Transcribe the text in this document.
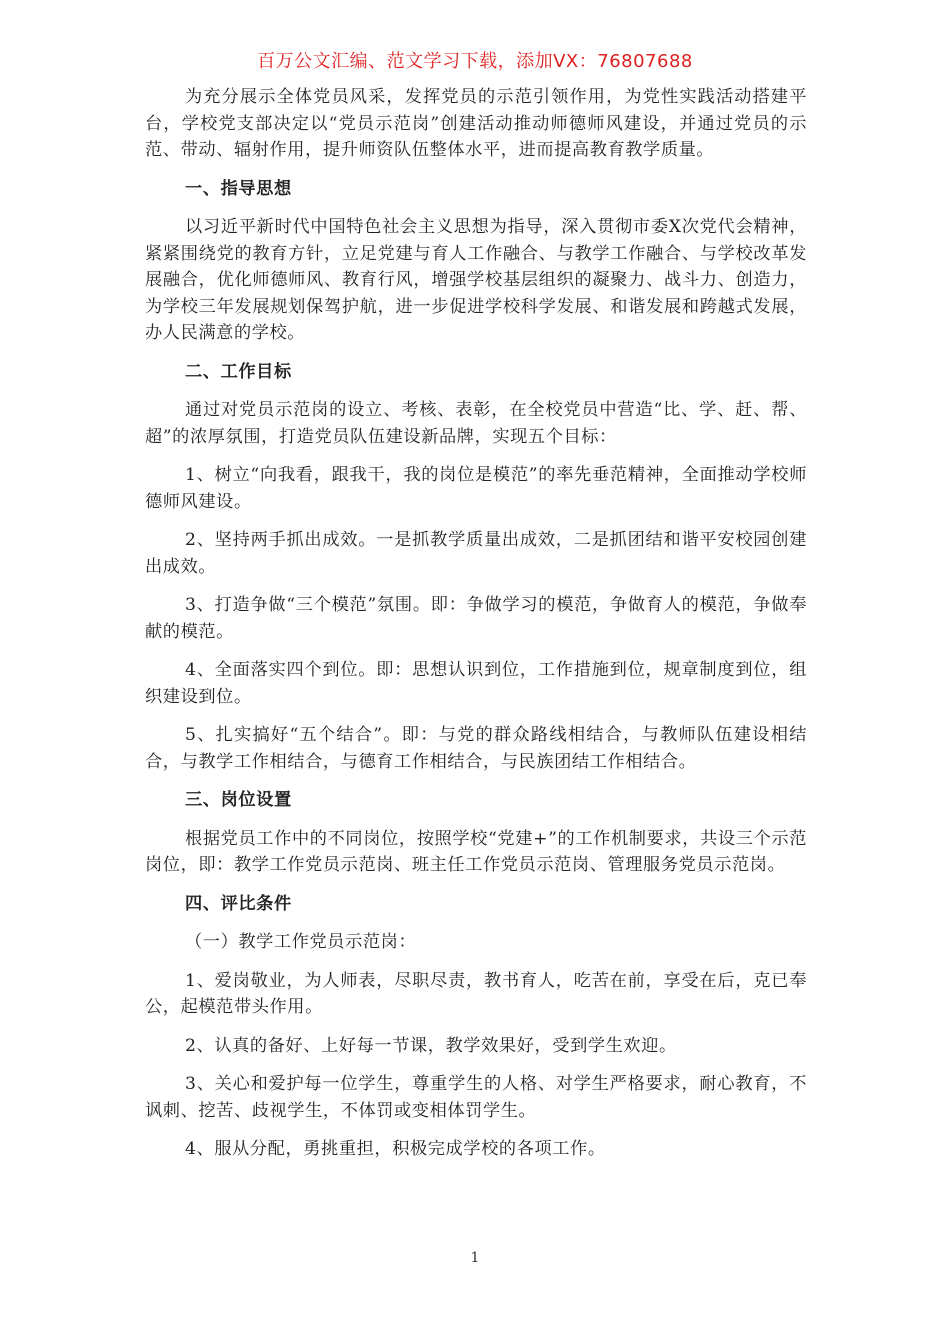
百万公文汇编、范文学习下载，添加VX：76807688

为充分展示全体党员风采，发挥党员的示范引领作用，为党性实践活动搭建平台，学校党支部决定以“党员示范岗”创建活动推动师德师风建设，并通过党员的示范、带动、辐射作用，提升师资队伍整体水平，进而提高教育教学质量。

一、指导思想

以习近平新时代中国特色社会主义思想为指导，深入贯彻市委X次党代会精神，紧紧围绕党的教育方针，立足党建与育人工作融合、与教学工作融合、与学校改革发展融合，优化师德师风、教育行风，增强学校基层组织的凝聚力、战斗力、创造力，为学校三年发展规划保驾护航，进一步促进学校科学发展、和谐发展和跨越式发展，办人民满意的学校。

二、工作目标

通过对党员示范岗的设立、考核、表彰，在全校党员中营造“比、学、赶、帮、超”的浓厚氛围，打造党员队伍建设新品牌，实现五个目标：

1、树立“向我看，跟我干，我的岗位是模范”的率先垂范精神，全面推动学校师德师风建设。

2、坚持两手抓出成效。一是抓教学质量出成效，二是抓团结和谐平安校园创建出成效。

3、打造争做“三个模范”氛围。即：争做学习的模范，争做育人的模范，争做奉献的模范。

4、全面落实四个到位。即：思想认识到位，工作措施到位，规章制度到位，组织建设到位。

5、扎实搞好“五个结合”。即：与党的群众路线相结合，与教师队伍建设相结合，与教学工作相结合，与德育工作相结合，与民族团结工作相结合。

三、岗位设置

根据党员工作中的不同岗位，按照学校“党建+”的工作机制要求，共设三个示范岗位，即：教学工作党员示范岗、班主任工作党员示范岗、管理服务党员示范岗。

四、评比条件

（一）教学工作党员示范岗：

1、爱岗敬业，为人师表，尽职尽责，教书育人，吃苦在前，享受在后，克已奉公，起模范带头作用。

2、认真的备好、上好每一节课，教学效果好，受到学生欢迎。

3、关心和爱护每一位学生，尊重学生的人格、对学生严格要求，耐心教育，不讽刺、挖苦、歧视学生，不体罚或变相体罚学生。

4、服从分配，勇挑重担，积极完成学校的各项工作。

1
